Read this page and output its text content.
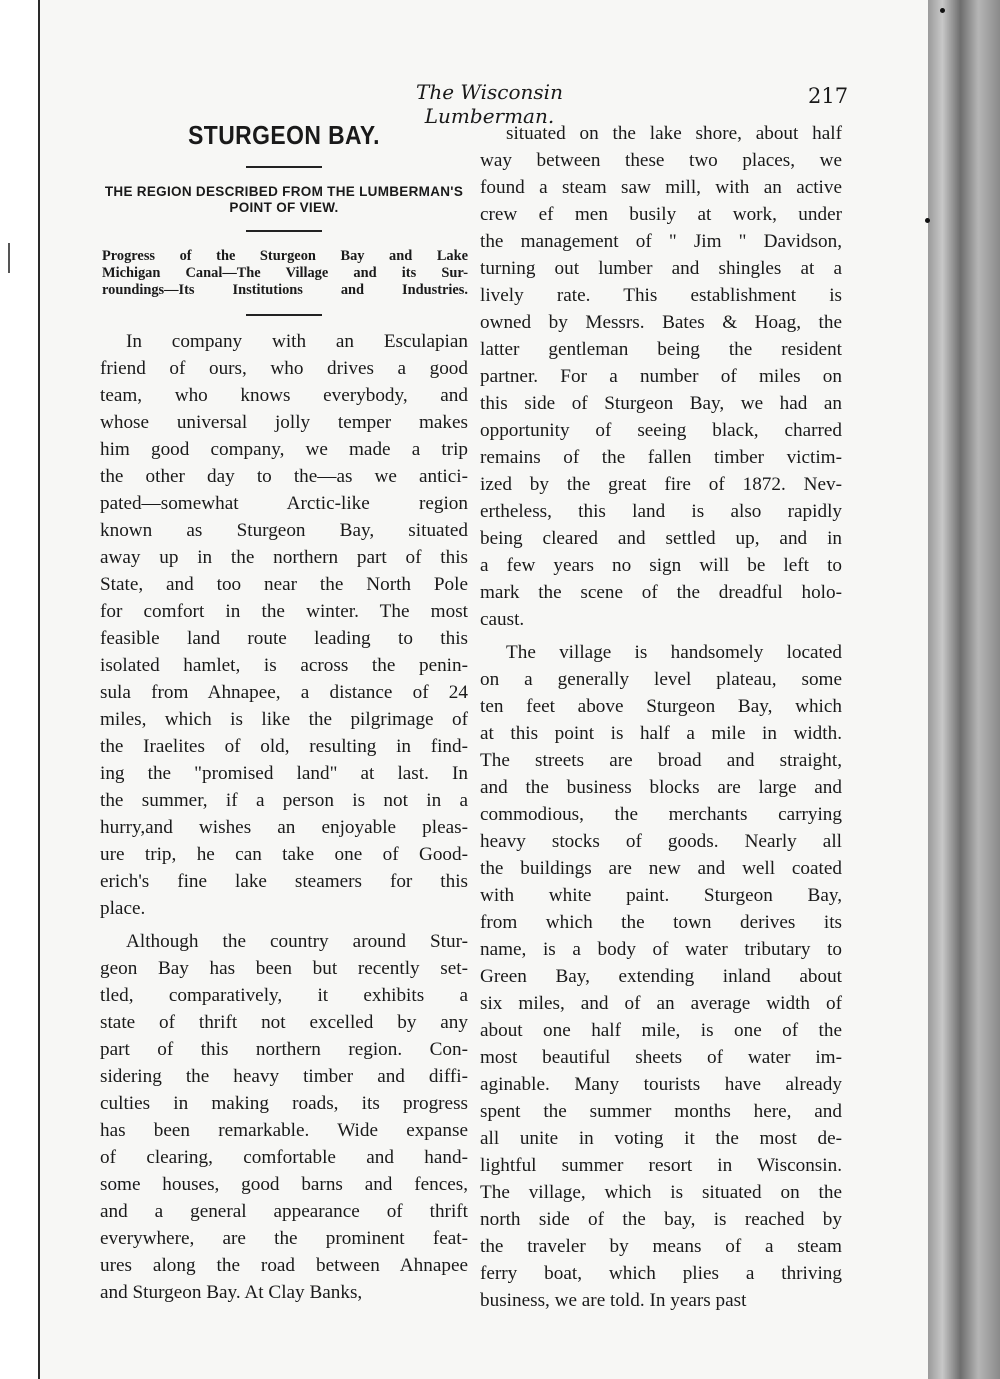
The Wisconsin Lumberman.
217
STURGEON BAY.
THE REGION DESCRIBED FROM THE LUMBERMAN'S
POINT OF VIEW.
Progress of the Sturgeon Bay and Lake
Michigan Canal—The Village and its Sur-
roundings—Its Institutions and Industries.
In company with an Esculapian
friend of ours, who drives a good
team, who knows everybody, and
whose universal jolly temper makes
him good company, we made a trip
the other day to the—as we antici-
pated—somewhat Arctic-like region
known as Sturgeon Bay, situated
away up in the northern part of this
State, and too near the North Pole
for comfort in the winter. The most
feasible land route leading to this
isolated hamlet, is across the penin-
sula from Ahnapee, a distance of 24
miles, which is like the pilgrimage of
the Iraelites of old, resulting in find-
ing the "promised land" at last. In
the summer, if a person is not in a
hurry,and wishes an enjoyable pleas-
ure trip, he can take one of Good-
erich's fine lake steamers for this
place.
Although the country around Stur-
geon Bay has been but recently set-
tled, comparatively, it exhibits a
state of thrift not excelled by any
part of this northern region. Con-
sidering the heavy timber and diffi-
culties in making roads, its progress
has been remarkable. Wide expanse
of clearing, comfortable and hand-
some houses, good barns and fences,
and a general appearance of thrift
everywhere, are the prominent feat-
ures along the road between Ahnapee
and Sturgeon Bay. At Clay Banks,
situated on the lake shore, about half
way between these two places, we
found a steam saw mill, with an active
crew ef men busily at work, under
the management of " Jim " Davidson,
turning out lumber and shingles at a
lively rate. This establishment is
owned by Messrs. Bates & Hoag, the
latter gentleman being the resident
partner. For a number of miles on
this side of Sturgeon Bay, we had an
opportunity of seeing black, charred
remains of the fallen timber victim-
ized by the great fire of 1872. Nev-
ertheless, this land is also rapidly
being cleared and settled up, and in
a few years no sign will be left to
mark the scene of the dreadful holo-
caust.
The village is handsomely located
on a generally level plateau, some
ten feet above Sturgeon Bay, which
at this point is half a mile in width.
The streets are broad and straight,
and the business blocks are large and
commodious, the merchants carrying
heavy stocks of goods. Nearly all
the buildings are new and well coated
with white paint. Sturgeon Bay,
from which the town derives its
name, is a body of water tributary to
Green Bay, extending inland about
six miles, and of an average width of
about one half mile, is one of the
most beautiful sheets of water im-
aginable. Many tourists have already
spent the summer months here, and
all unite in voting it the most de-
lightful summer resort in Wisconsin.
The village, which is situated on the
north side of the bay, is reached by
the traveler by means of a steam
ferry boat, which plies a thriving
business, we are told. In years past
